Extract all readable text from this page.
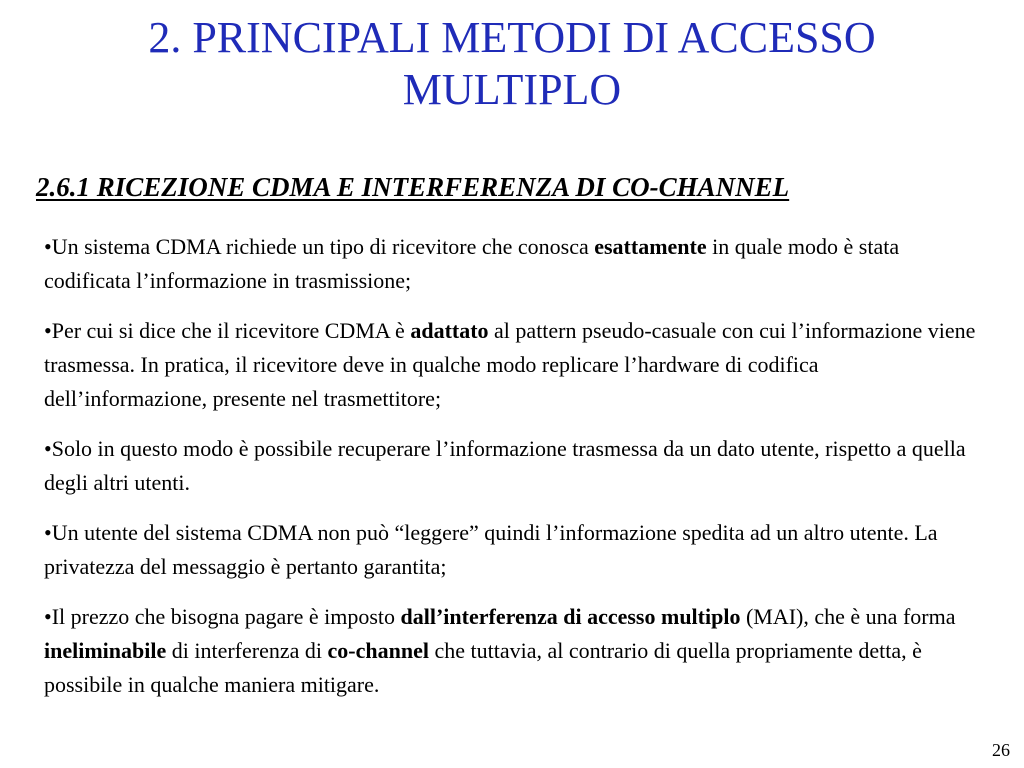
2. PRINCIPALI METODI DI ACCESSO
MULTIPLO
2.6.1 RICEZIONE CDMA E INTERFERENZA DI CO-CHANNEL
•Un sistema CDMA richiede un tipo di ricevitore che conosca esattamente in quale modo è stata codificata l’informazione in trasmissione;
•Per cui si dice che il ricevitore CDMA è adattato al pattern pseudo-casuale con cui l’informazione viene trasmessa. In pratica, il ricevitore deve in qualche modo replicare l’hardware di codifica dell’informazione, presente nel trasmettitore;
•Solo in questo modo è possibile recuperare l’informazione trasmessa da un dato utente, rispetto a quella degli altri utenti.
•Un utente del sistema CDMA non può “leggere” quindi l’informazione spedita ad un altro utente. La privatezza del messaggio è pertanto garantita;
•Il prezzo che bisogna pagare è imposto dall’interferenza di accesso multiplo (MAI), che è una forma ineliminabile di interferenza di co-channel che tuttavia, al contrario di quella propriamente detta, è possibile in qualche maniera mitigare.
26
